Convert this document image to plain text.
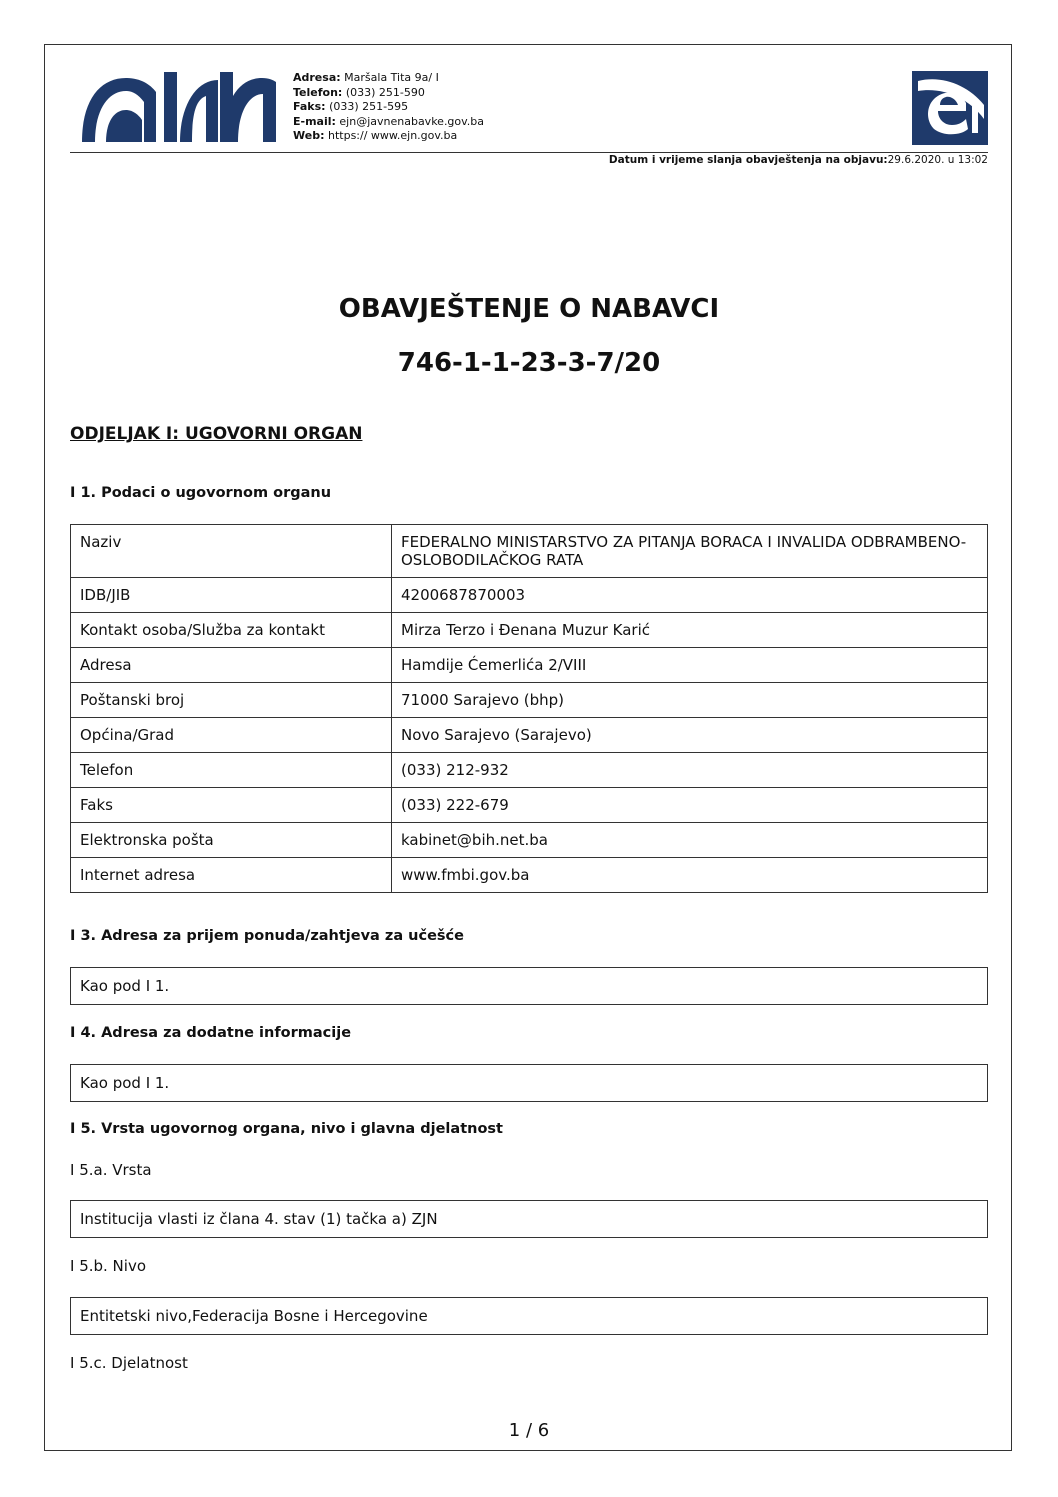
Adresa: Maršala Tita 9a/ I
Telefon: (033) 251-590
Faks: (033) 251-595
E-mail: ejn@javnenabavke.gov.ba
Web: https:// www.ejn.gov.ba
Datum i vrijeme slanja obavještenja na objavu:29.6.2020. u 13:02
OBAVJEŠTENJE O NABAVCI
746-1-1-23-3-7/20
ODJELJAK I: UGOVORNI ORGAN
I 1. Podaci o ugovornom organu
Naziv	FEDERALNO MINISTARSTVO ZA PITANJA BORACA I INVALIDA ODBRAMBENO-OSLOBODILAČKOG RATA
IDB/JIB	4200687870003
Kontakt osoba/Služba za kontakt	Mirza Terzo i Đenana Muzur Karić
Adresa	Hamdije Ćemerlića 2/VIII
Poštanski broj	71000 Sarajevo (bhp)
Općina/Grad	Novo Sarajevo (Sarajevo)
Telefon	(033) 212-932
Faks	(033) 222-679
Elektronska pošta	kabinet@bih.net.ba
Internet adresa	www.fmbi.gov.ba
I 3. Adresa za prijem ponuda/zahtjeva za učešće
Kao pod I 1.
I 4. Adresa za dodatne informacije
Kao pod I 1.
I 5. Vrsta ugovornog organa, nivo i glavna djelatnost
I 5.a. Vrsta
Institucija vlasti iz člana 4. stav (1) tačka a) ZJN
I 5.b. Nivo
Entitetski nivo,Federacija Bosne i Hercegovine
I 5.c. Djelatnost
1 / 6
